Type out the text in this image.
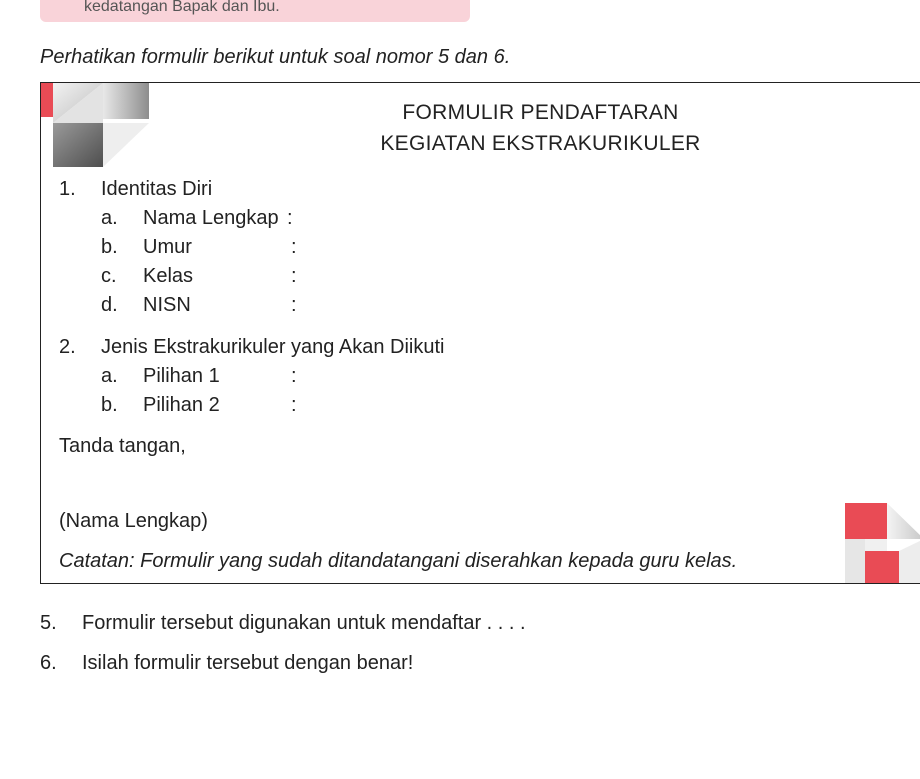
kedatangan Bapak dan Ibu.
Perhatikan formulir berikut untuk soal nomor 5 dan 6.
FORMULIR PENDAFTARAN
KEGIATAN EKSTRAKURIKULER
1. Identitas Diri
a. Nama Lengkap :
b. Umur	:
c. Kelas	:
d. NISN	:
2. Jenis Ekstrakurikuler yang Akan Diikuti
a. Pilihan 1	:
b. Pilihan 2	:
Tanda tangan,
(Nama Lengkap)
Catatan: Formulir yang sudah ditandatangani diserahkan kepada guru kelas.
5. Formulir tersebut digunakan untuk mendaftar . . . .
6. Isilah formulir tersebut dengan benar!
